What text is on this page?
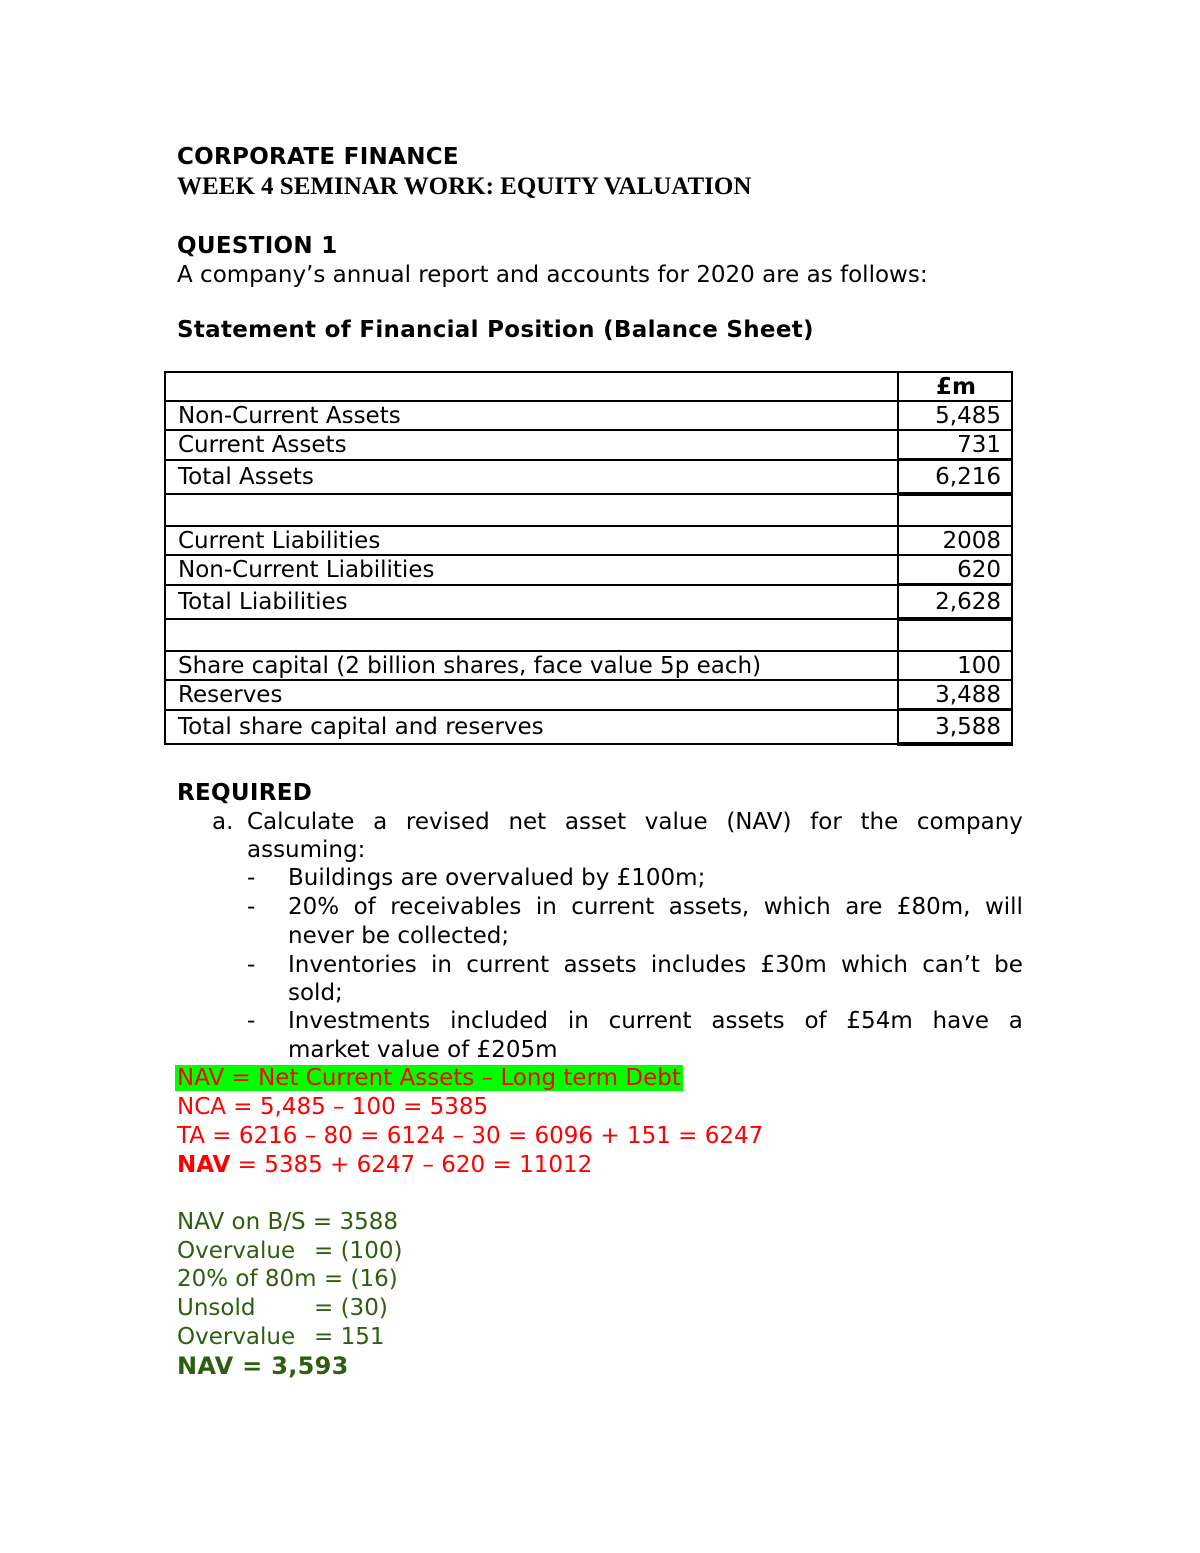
CORPORATE FINANCE
WEEK 4 SEMINAR WORK: EQUITY VALUATION
QUESTION 1
A company’s annual report and accounts for 2020 are as follows:
Statement of Financial Position (Balance Sheet)
	£m
Non-Current Assets	5,485
Current Assets	731
Total Assets	6,216

Current Liabilities	2008
Non-Current Liabilities	620
Total Liabilities	2,628

Share capital (2 billion shares, face value 5p each)	100
Reserves	3,488
Total share capital and reserves	3,588
REQUIRED
a. Calculate a revised net asset value (NAV) for the company
assuming:
- Buildings are overvalued by £100m;
- 20% of receivables in current assets, which are £80m, will
never be collected;
- Inventories in current assets includes £30m which can’t be
sold;
- Investments included in current assets of £54m have a
market value of £205m
NAV = Net Current Assets – Long term Debt
NCA = 5,485 – 100 = 5385
TA = 6216 – 80 = 6124 – 30 = 6096 + 151 = 6247
NAV = 5385 + 6247 – 620 = 11012
NAV on B/S = 3588
Overvalue = (100)
20% of 80m = (16)
Unsold	= (30)
Overvalue = 151
NAV = 3,593
